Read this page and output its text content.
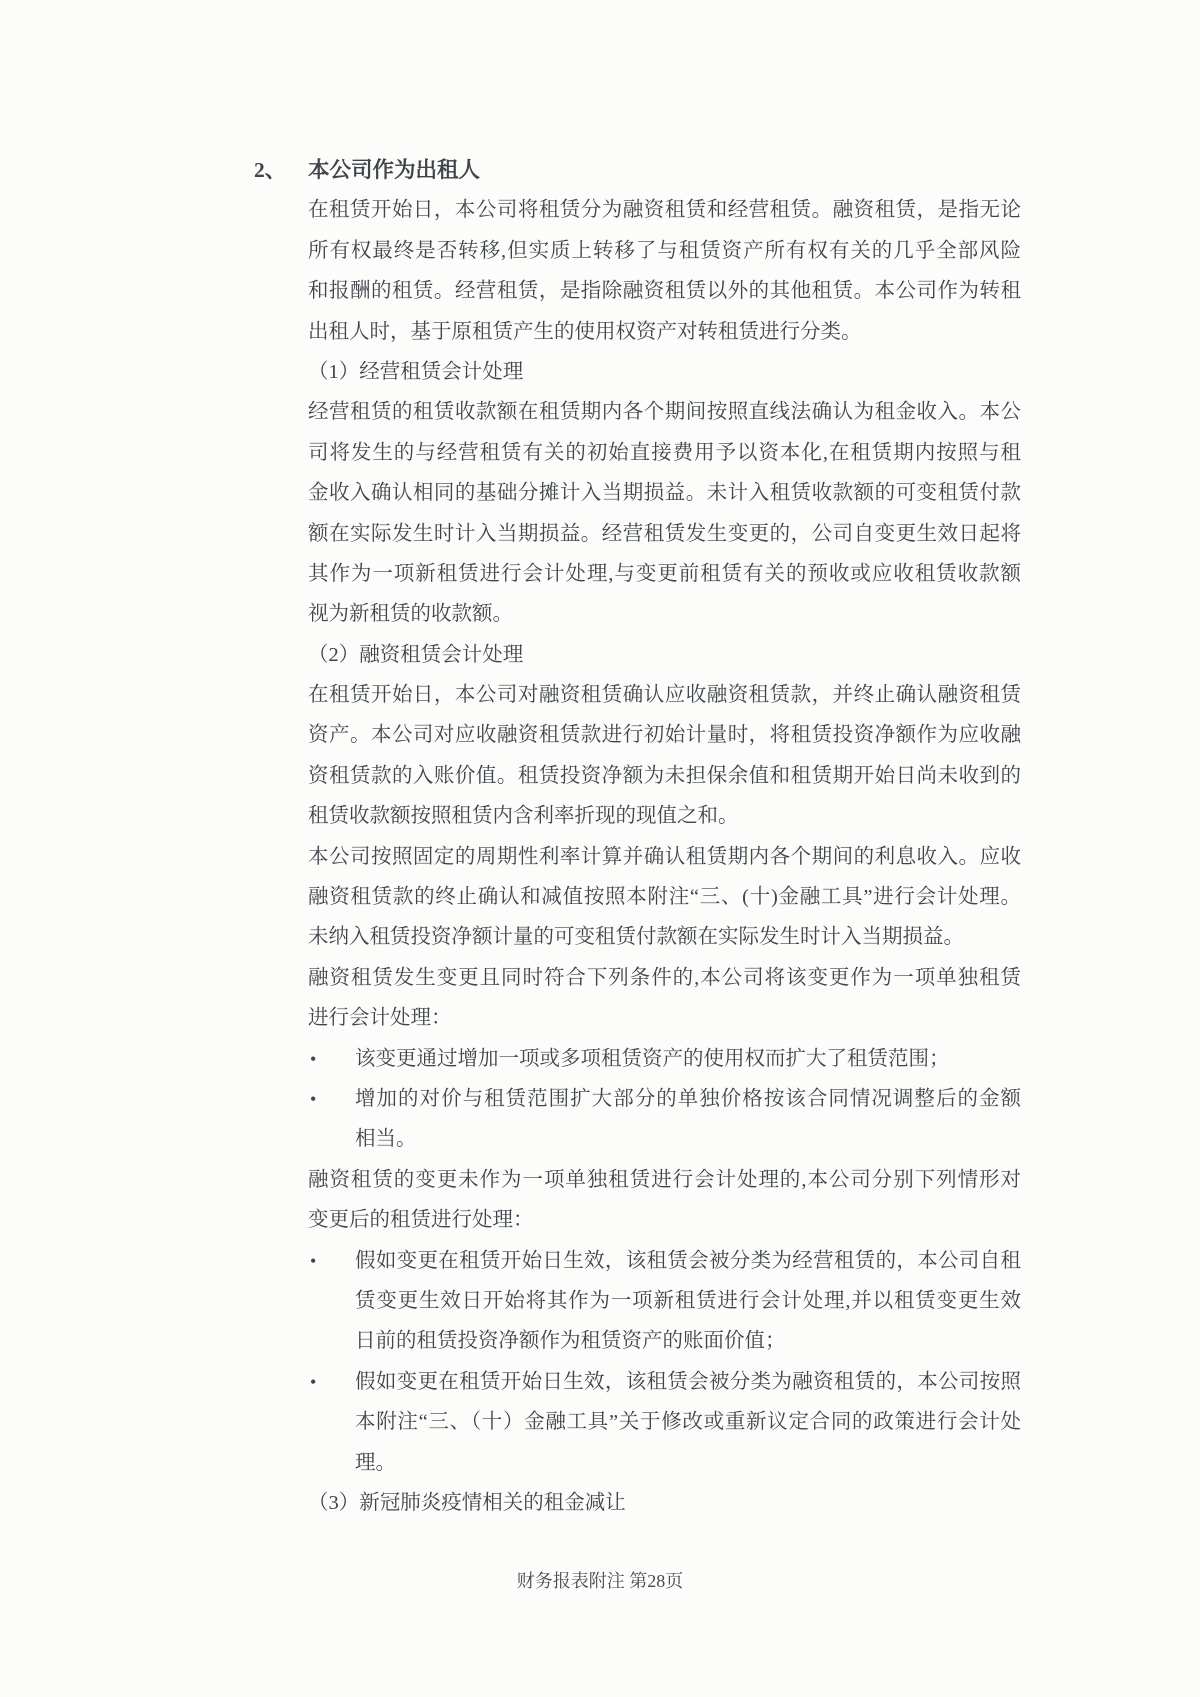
2、 本公司作为出租人
在租赁开始日，本公司将租赁分为融资租赁和经营租赁。融资租赁，是指无论
所有权最终是否转移,但实质上转移了与租赁资产所有权有关的几乎全部风险
和报酬的租赁。经营租赁，是指除融资租赁以外的其他租赁。本公司作为转租
出租人时，基于原租赁产生的使用权资产对转租赁进行分类。
（1）经营租赁会计处理
经营租赁的租赁收款额在租赁期内各个期间按照直线法确认为租金收入。本公
司将发生的与经营租赁有关的初始直接费用予以资本化,在租赁期内按照与租
金收入确认相同的基础分摊计入当期损益。未计入租赁收款额的可变租赁付款
额在实际发生时计入当期损益。经营租赁发生变更的，公司自变更生效日起将
其作为一项新租赁进行会计处理,与变更前租赁有关的预收或应收租赁收款额
视为新租赁的收款额。
（2）融资租赁会计处理
在租赁开始日，本公司对融资租赁确认应收融资租赁款，并终止确认融资租赁
资产。本公司对应收融资租赁款进行初始计量时，将租赁投资净额作为应收融
资租赁款的入账价值。租赁投资净额为未担保余值和租赁期开始日尚未收到的
租赁收款额按照租赁内含利率折现的现值之和。
本公司按照固定的周期性利率计算并确认租赁期内各个期间的利息收入。应收
融资租赁款的终止确认和减值按照本附注“三、(十)金融工具”进行会计处理。
未纳入租赁投资净额计量的可变租赁付款额在实际发生时计入当期损益。
融资租赁发生变更且同时符合下列条件的,本公司将该变更作为一项单独租赁
进行会计处理：
• 该变更通过增加一项或多项租赁资产的使用权而扩大了租赁范围；
• 增加的对价与租赁范围扩大部分的单独价格按该合同情况调整后的金额
相当。
融资租赁的变更未作为一项单独租赁进行会计处理的,本公司分别下列情形对
变更后的租赁进行处理：
• 假如变更在租赁开始日生效，该租赁会被分类为经营租赁的，本公司自租
赁变更生效日开始将其作为一项新租赁进行会计处理,并以租赁变更生效
日前的租赁投资净额作为租赁资产的账面价值；
• 假如变更在租赁开始日生效，该租赁会被分类为融资租赁的，本公司按照
本附注“三、（十）金融工具”关于修改或重新议定合同的政策进行会计处
理。
（3）新冠肺炎疫情相关的租金减让
财务报表附注 第28页
